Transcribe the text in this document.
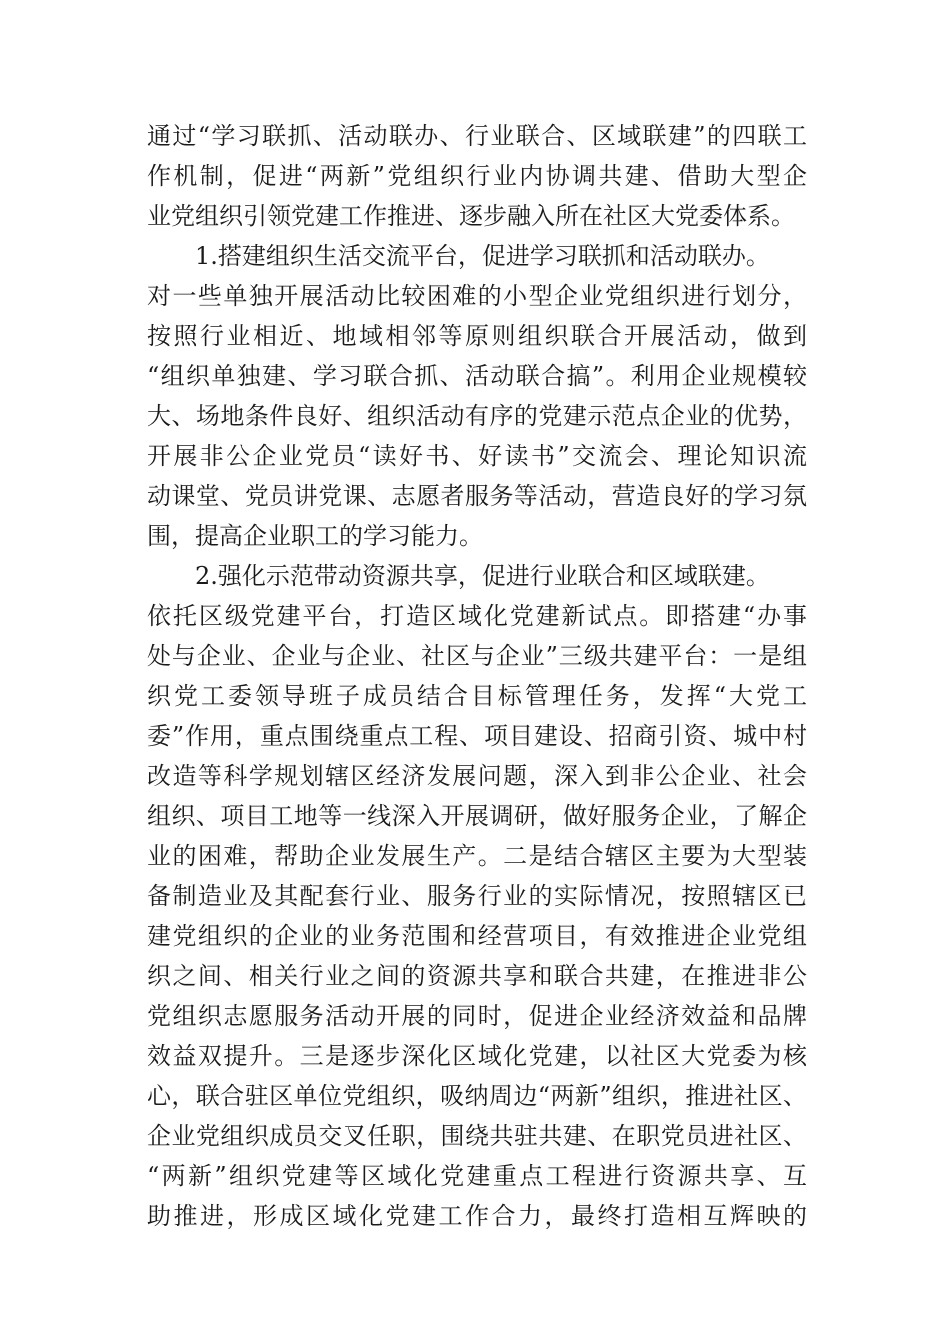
通过“学习联抓、活动联办、行业联合、区域联建”的四联工
作机制，促进“两新”党组织行业内协调共建、借助大型企
业党组织引领党建工作推进、逐步融入所在社区大党委体系。
1.搭建组织生活交流平台，促进学习联抓和活动联办。
对一些单独开展活动比较困难的小型企业党组织进行划分，
按照行业相近、地域相邻等原则组织联合开展活动，做到
“组织单独建、学习联合抓、活动联合搞”。利用企业规模较
大、场地条件良好、组织活动有序的党建示范点企业的优势，
开展非公企业党员“读好书、好读书”交流会、理论知识流
动课堂、党员讲党课、志愿者服务等活动，营造良好的学习氛
围，提高企业职工的学习能力。
2.强化示范带动资源共享，促进行业联合和区域联建。
依托区级党建平台，打造区域化党建新试点。即搭建“办事
处与企业、企业与企业、社区与企业”三级共建平台：一是组
织党工委领导班子成员结合目标管理任务，发挥“大党工
委”作用，重点围绕重点工程、项目建设、招商引资、城中村
改造等科学规划辖区经济发展问题，深入到非公企业、社会
组织、项目工地等一线深入开展调研，做好服务企业，了解企
业的困难，帮助企业发展生产。二是结合辖区主要为大型装
备制造业及其配套行业、服务行业的实际情况，按照辖区已
建党组织的企业的业务范围和经营项目，有效推进企业党组
织之间、相关行业之间的资源共享和联合共建，在推进非公
党组织志愿服务活动开展的同时，促进企业经济效益和品牌
效益双提升。三是逐步深化区域化党建，以社区大党委为核
心，联合驻区单位党组织，吸纳周边“两新”组织，推进社区、
企业党组织成员交叉任职，围绕共驻共建、在职党员进社区、
“两新”组织党建等区域化党建重点工程进行资源共享、互
助推进，形成区域化党建工作合力，最终打造相互辉映的
